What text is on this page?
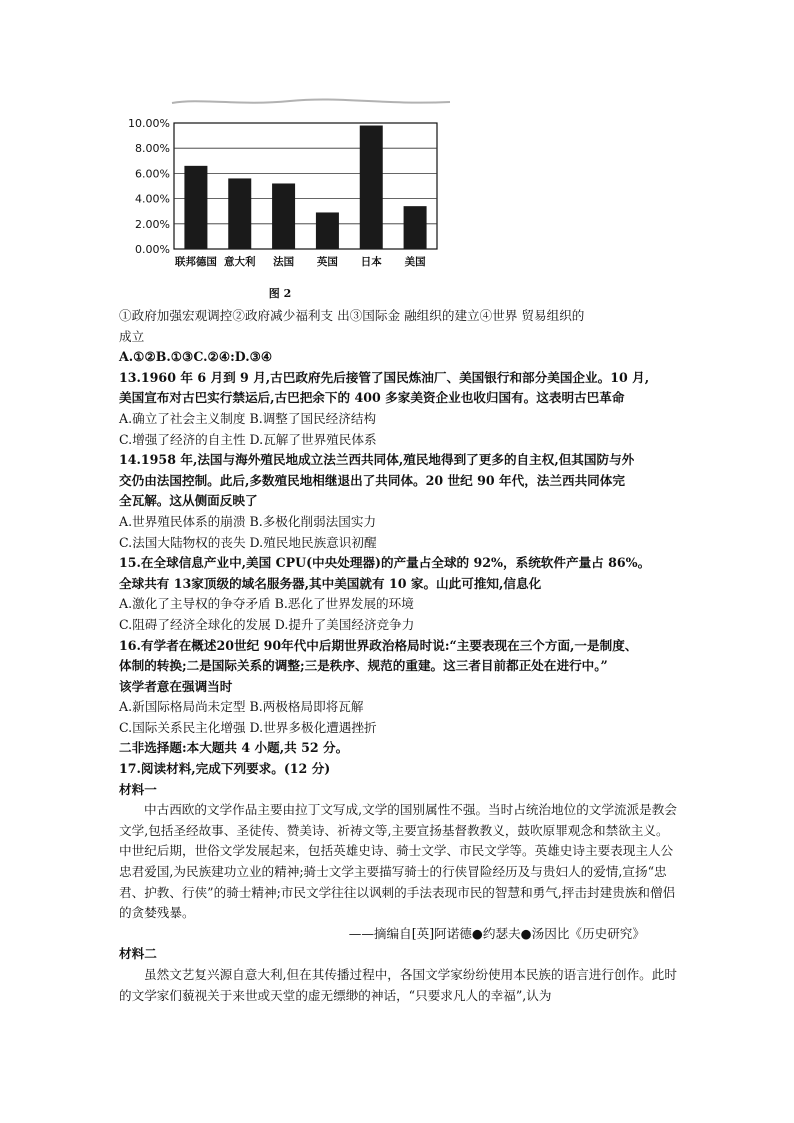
0.00%
2.00%
4.00%
6.00%
8.00%
10.00%
联邦德国 意大利 法国 英国 日本 美国
图 2
①政府加强宏观调控②政府减少福利支 出③国际金 融组织的建立④世界 贸易组织的
成立
A.①②B.①③C.②④:D.③④
13.1960 年 6 月到 9 月,古巴政府先后接管了国民炼油厂、美国银行和部分美国企业。10 月,
美国宣布对古巴实行禁运后,古巴把余下的 400 多家美资企业也收归国有。这表明古巴革命
A.确立了社会主义制度 B.调整了国民经济结构
C.增强了经济的自主性 D.瓦解了世界殖民体系
14.1958 年,法国与海外殖民地成立法兰西共同体,殖民地得到了更多的自主权,但其国防与外
交仍由法国控制。此后,多数殖民地相继退出了共同体。20 世纪 90 年代，法兰西共同体完
全瓦解。这从侧面反映了
A.世界殖民体系的崩溃 B.多极化削弱法国实力
C.法国大陆物权的丧失 D.殖民地民族意识初醒
15.在全球信息产业中,美国 CPU(中央处理器)的产量占全球的 92%，系统软件产量占 86%。
全球共有 13家顶级的域名服务器,其中美国就有 10 家。山此可推知,信息化
A.激化了主导权的争夺矛盾 B.恶化了世界发展的环境
C.阻碍了经济全球化的发展 D.提升了美国经济竞争力
16.有学者在概述20世纪 90年代中后期世界政治格局时说:“主要表现在三个方面,一是制度、
体制的转换;二是国际关系的调整;三是秩序、规范的重建。这三者目前都正处在进行中。”
该学者意在强调当时
A.新国际格局尚未定型 B.两极格局即将瓦解
C.国际关系民主化增强 D.世界多极化遭遇挫折
二非选择题:本大题共 4 小题,共 52 分。
17.阅读材料,完成下列要求。(12 分)
材料一
中古西欧的文学作品主要由拉丁文写成,文学的国别属性不强。当时占统治地位的文学流派是教会文学,包括圣经故事、圣徒传、赞美诗、祈祷文等,主要宣扬基督教教义，鼓吹原罪观念和禁欲主义。中世纪后期，世俗文学发展起来，包括英雄史诗、骑士文学、市民文学等。英雄史诗主要表现主人公忠君爱国,为民族建功立业的精神;骑士文学主要描写骑士的行侠冒险经历及与贵妇人的爱情,宣扬“忠君、护教、行侠”的骑士精神;市民文学往往以讽刺的手法表现市民的智慧和勇气,抨击封建贵族和僧侣的贪婪残暴。
——摘编自[英]阿诺德●约瑟夫●汤因比《历史研究》
材料二
虽然文艺复兴源自意大利,但在其传播过程中，各国文学家纷纷使用本民族的语言进行创作。此时的文学家们藐视关于来世或天堂的虚无缥缈的神话，“只要求凡人的幸福”,认为
